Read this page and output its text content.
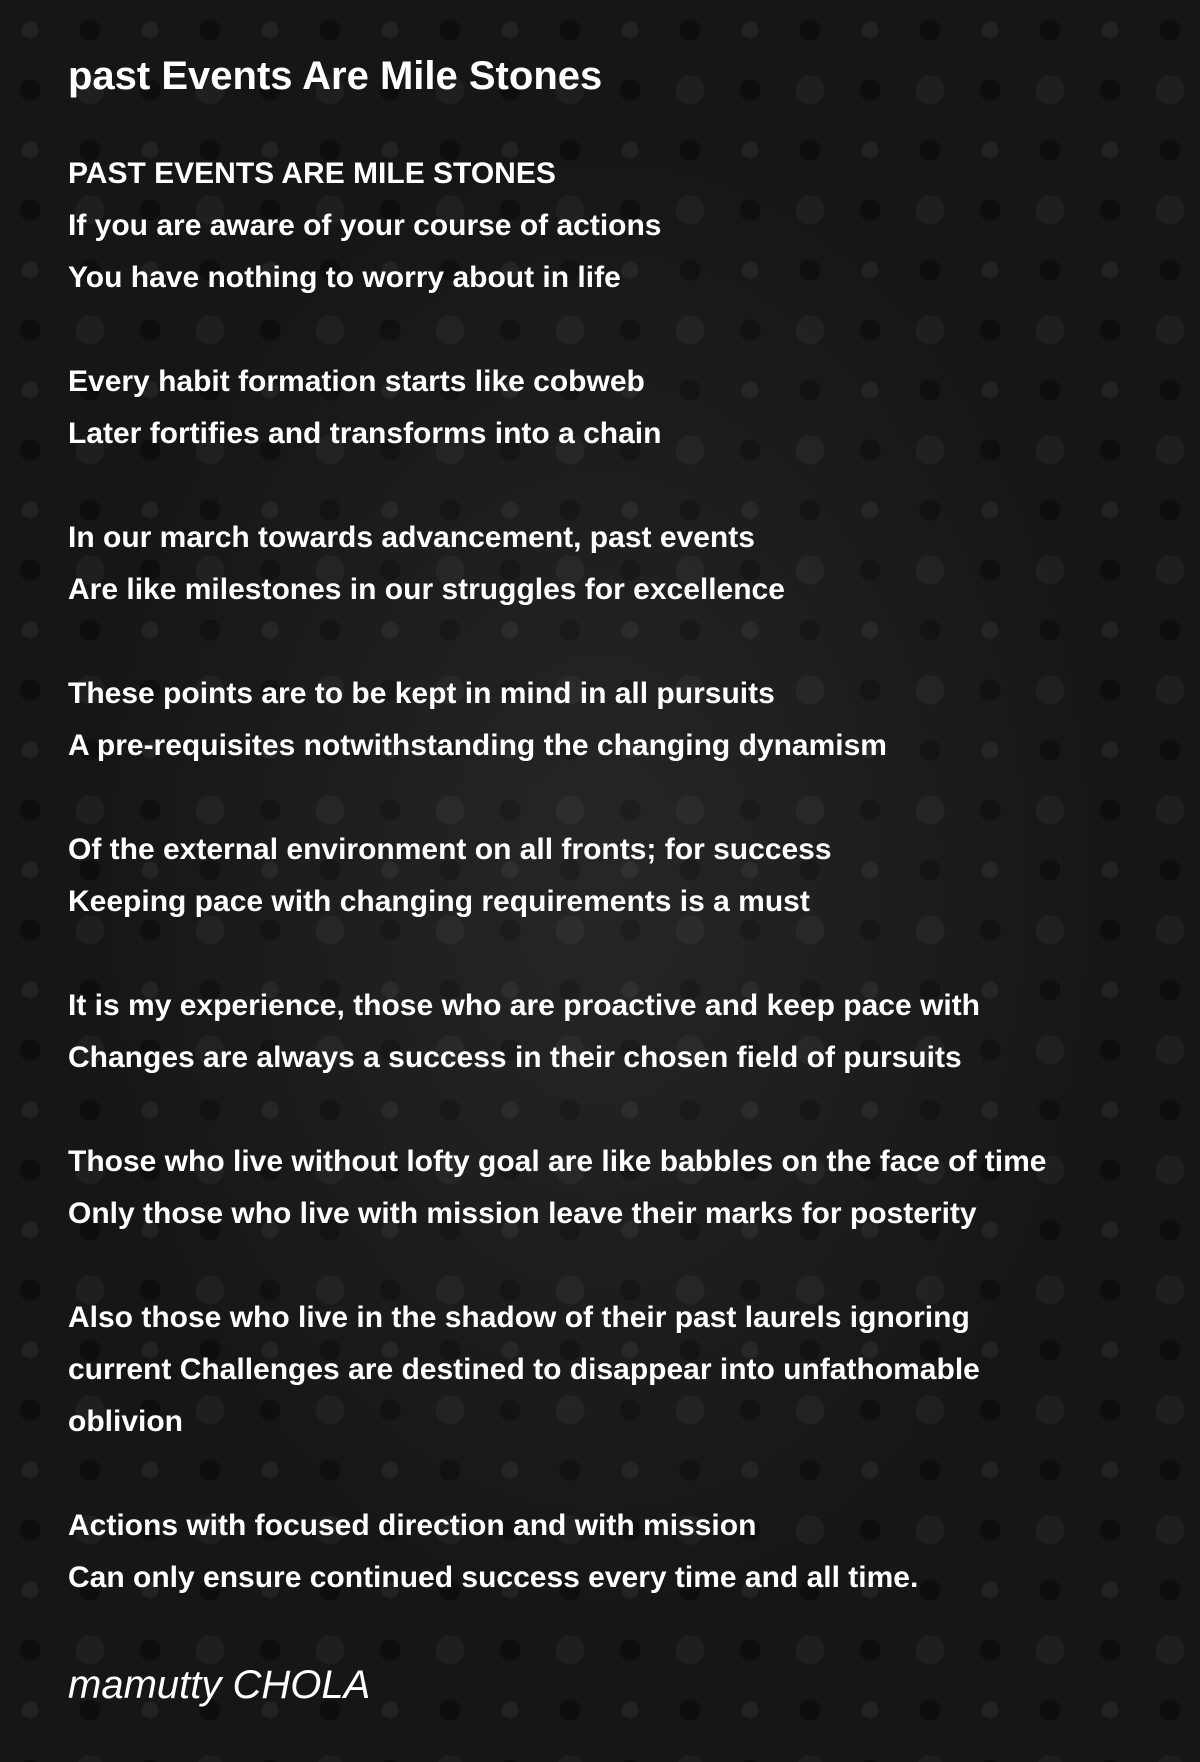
past Events Are Mile Stones
PAST EVENTS ARE MILE STONES
If you are aware of your course of actions
You have nothing to worry about in life
Every habit formation starts like cobweb
Later fortifies and transforms into a chain
In our march towards advancement, past events
Are like milestones in our struggles for excellence
These points are to be kept in mind in all pursuits
A pre-requisites notwithstanding the changing dynamism
Of the external environment on all fronts; for success
Keeping pace with changing requirements is a must
It is my experience, those who are proactive and keep pace with
Changes are always a success in their chosen field of pursuits
Those who live without lofty goal are like babbles on the face of time
Only those who live with mission leave their marks for posterity
Also those who live in the shadow of their past laurels ignoring
current Challenges are destined to disappear into unfathomable
oblivion
Actions with focused direction and with mission
Can only ensure continued success every time and all time.

mamutty CHOLA
